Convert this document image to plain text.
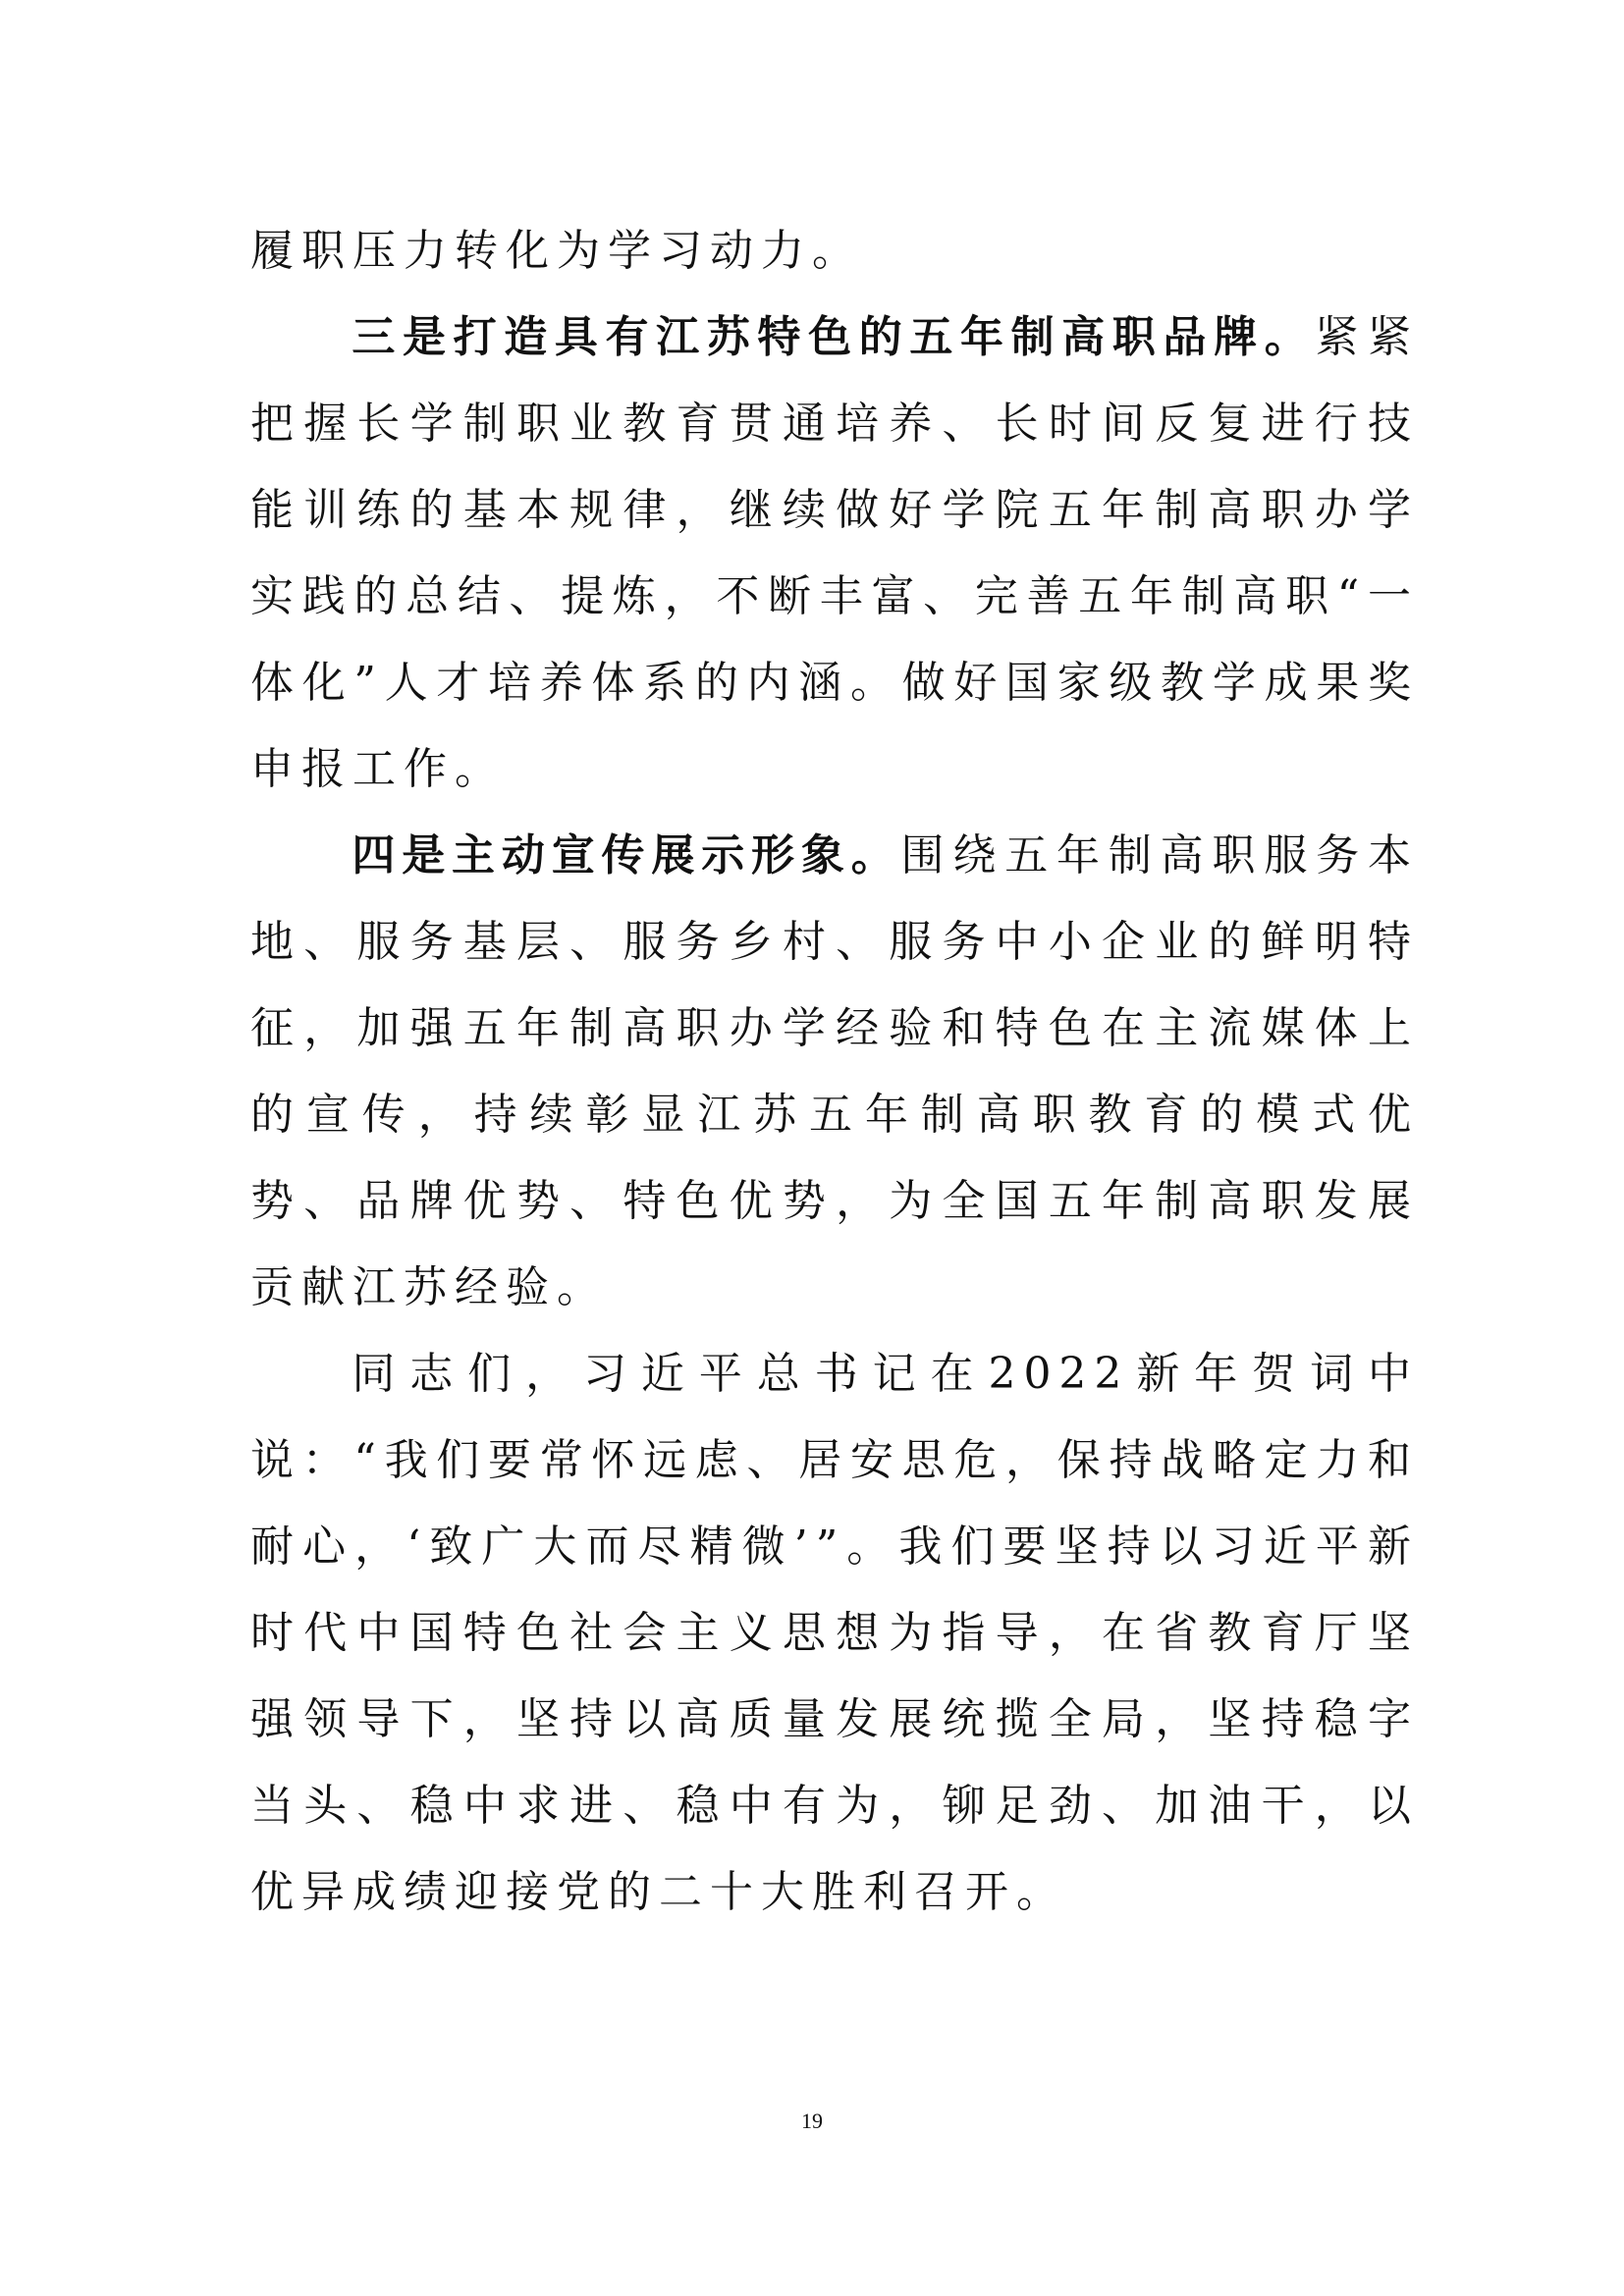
履职压力转化为学习动力。

三是打造具有江苏特色的五年制高职品牌。紧紧把握长学制职业教育贯通培养、长时间反复进行技能训练的基本规律，继续做好学院五年制高职办学实践的总结、提炼，不断丰富、完善五年制高职“一体化”人才培养体系的内涵。做好国家级教学成果奖申报工作。

四是主动宣传展示形象。围绕五年制高职服务本地、服务基层、服务乡村、服务中小企业的鲜明特征，加强五年制高职办学经验和特色在主流媒体上的宣传，持续彰显江苏五年制高职教育的模式优势、品牌优势、特色优势，为全国五年制高职发展贡献江苏经验。

同志们，习近平总书记在2022新年贺词中说：“我们要常怀远虑、居安思危，保持战略定力和耐心，‘致广大而尽精微’”。我们要坚持以习近平新时代中国特色社会主义思想为指导，在省教育厅坚强领导下，坚持以高质量发展统揽全局，坚持稳字当头、稳中求进、稳中有为，铆足劲、加油干，以优异成绩迎接党的二十大胜利召开。

19
